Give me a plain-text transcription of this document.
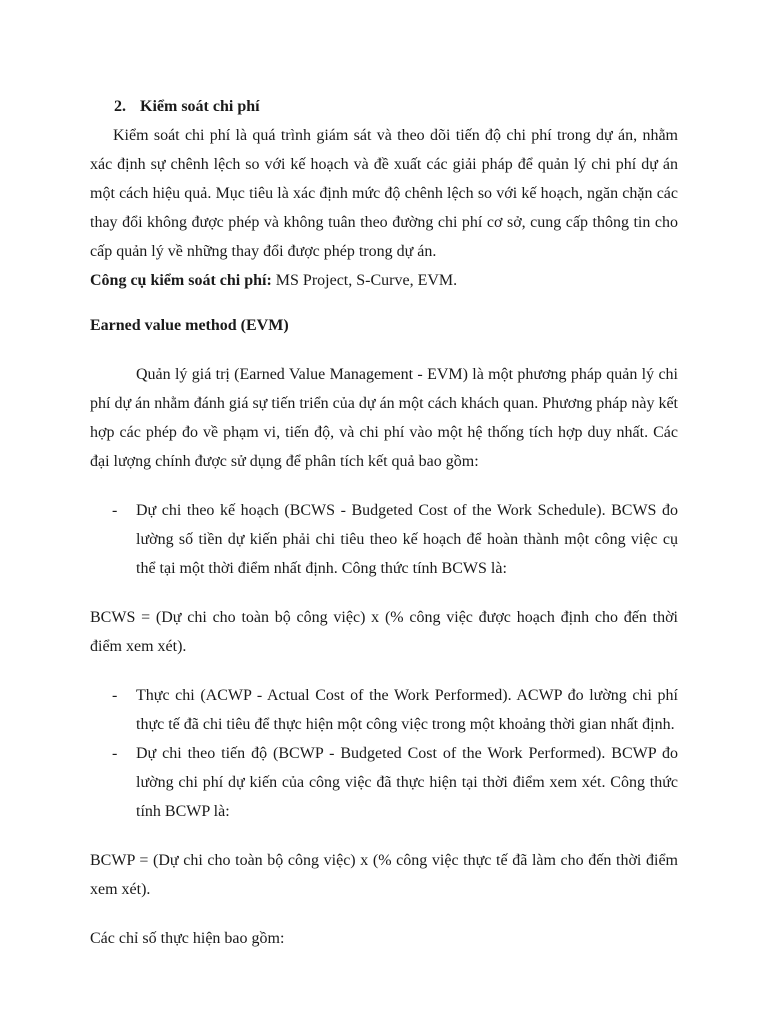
2. Kiểm soát chi phí

Kiểm soát chi phí là quá trình giám sát và theo dõi tiến độ chi phí trong dự án, nhằm xác định sự chênh lệch so với kế hoạch và đề xuất các giải pháp để quản lý chi phí dự án một cách hiệu quả. Mục tiêu là xác định mức độ chênh lệch so với kế hoạch, ngăn chặn các thay đổi không được phép và không tuân theo đường chi phí cơ sở, cung cấp thông tin cho cấp quản lý về những thay đổi được phép trong dự án.

Công cụ kiểm soát chi phí: MS Project, S-Curve, EVM.

Earned value method (EVM)

Quản lý giá trị (Earned Value Management - EVM) là một phương pháp quản lý chi phí dự án nhằm đánh giá sự tiến triển của dự án một cách khách quan. Phương pháp này kết hợp các phép đo về phạm vi, tiến độ, và chi phí vào một hệ thống tích hợp duy nhất. Các đại lượng chính được sử dụng để phân tích kết quả bao gồm:

- Dự chi theo kế hoạch (BCWS - Budgeted Cost of the Work Schedule). BCWS đo lường số tiền dự kiến phải chi tiêu theo kế hoạch để hoàn thành một công việc cụ thể tại một thời điểm nhất định. Công thức tính BCWS là:

BCWS = (Dự chi cho toàn bộ công việc) x (% công việc được hoạch định cho đến thời điểm xem xét).

- Thực chi (ACWP - Actual Cost of the Work Performed). ACWP đo lường chi phí thực tế đã chi tiêu để thực hiện một công việc trong một khoảng thời gian nhất định.
- Dự chi theo tiến độ (BCWP - Budgeted Cost of the Work Performed). BCWP đo lường chi phí dự kiến của công việc đã thực hiện tại thời điểm xem xét. Công thức tính BCWP là:

BCWP = (Dự chi cho toàn bộ công việc) x (% công việc thực tế đã làm cho đến thời điểm xem xét).

Các chỉ số thực hiện bao gồm:
